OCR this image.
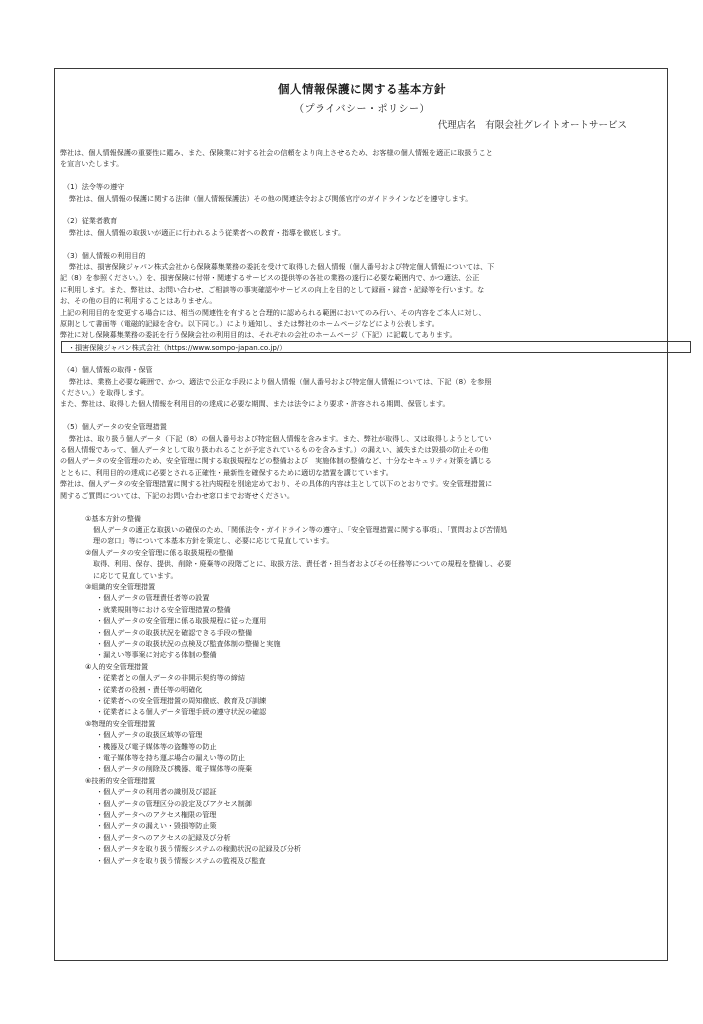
個人情報保護に関する基本方針
（プライバシー・ポリシー）
代理店名　有限会社グレイトオートサービス

弊社は、個人情報保護の重要性に鑑み、また、保険業に対する社会の信頼をより向上させるため、お客様の個人情報を適正に取扱うこと

を宣言いたします。

（1）法令等の遵守

弊社は、個人情報の保護に関する法律（個人情報保護法）その他の関連法令および関係官庁のガイドラインなどを遵守します。

（2）従業者教育

弊社は、個人情報の取扱いが適正に行われるよう従業者への教育・指導を徹底します。

（3）個人情報の利用目的

弊社は、損害保険ジャパン株式会社から保険募集業務の委託を受けて取得した個人情報（個人番号および特定個人情報については、下

記（8）を参照ください。）を、損害保険に付帯・関連するサービスの提供等の各社の業務の遂行に必要な範囲内で、かつ適法、公正

に利用します。また、弊社は、お問い合わせ、ご相談等の事実確認やサービスの向上を目的として録画・録音・記録等を行います。な

お、その他の目的に利用することはありません。

上記の利用目的を変更する場合には、相当の関連性を有すると合理的に認められる範囲においてのみ行い、その内容をご本人に対し、

原則として書面等（電磁的記録を含む。以下同じ。）により通知し、または弊社のホームページなどにより公表します。

弊社に対し保険募集業務の委託を行う保険会社の利用目的は、それぞれの会社のホームページ（下記）に記載してあります。

・損害保険ジャパン株式会社（https://www.sompo-japan.co.jp/）

（4）個人情報の取得・保管

弊社は、業務上必要な範囲で、かつ、適法で公正な手段により個人情報（個人番号および特定個人情報については、下記（8）を参照

ください。）を取得します。

また、弊社は、取得した個人情報を利用目的の達成に必要な期間、または法令により要求・許容される期間、保管します。

（5）個人データの安全管理措置

弊社は、取り扱う個人データ（下記（8）の個人番号および特定個人情報を含みます。また、弊社が取得し、又は取得しようとしてい

る個人情報であって、個人データとして取り扱われることが予定されているものを含みます。）の漏えい、滅失または毀損の防止その他

の個人データの安全管理のため、安全管理に関する取扱規程などの整備および　実施体制の整備など、十分なセキュリティ対策を講じる

とともに、利用目的の達成に必要とされる正確性・最新性を確保するために適切な措置を講じています。

弊社は、個人データの安全管理措置に関する社内規程を別途定めており、その具体的内容は主として以下のとおりです。安全管理措置に

関するご質問については、下記のお問い合わせ窓口までお寄せください。

①基本方針の整備

個人データの適正な取扱いの確保のため、「関係法令・ガイドライン等の遵守」、「安全管理措置に関する事項」、「質問および苦情処

理の窓口」等について本基本方針を策定し、必要に応じて見直しています。

②個人データの安全管理に係る取扱規程の整備

取得、利用、保存、提供、削除・廃棄等の段階ごとに、取扱方法、責任者・担当者およびその任務等についての規程を整備し、必要

に応じて見直しています。

③組織的安全管理措置

・個人データの管理責任者等の設置

・就業規則等における安全管理措置の整備

・個人データの安全管理に係る取扱規程に従った運用

・個人データの取扱状況を確認できる手段の整備

・個人データの取扱状況の点検及び監査体制の整備と実施

・漏えい等事案に対応する体制の整備

④人的安全管理措置

・従業者との個人データの非開示契約等の締結

・従業者の役割・責任等の明確化

・従業者への安全管理措置の周知徹底、教育及び訓練

・従業者による個人データ管理手続の遵守状況の確認

⑤物理的安全管理措置

・個人データの取扱区域等の管理

・機器及び電子媒体等の盗難等の防止

・電子媒体等を持ち運ぶ場合の漏えい等の防止

・個人データの削除及び機器、電子媒体等の廃棄

⑥技術的安全管理措置

・個人データの利用者の識別及び認証

・個人データの管理区分の設定及びアクセス制御

・個人データへのアクセス権限の管理

・個人データの漏えい・毀損等防止策

・個人データへのアクセスの記録及び分析

・個人データを取り扱う情報システムの稼動状況の記録及び分析

・個人データを取り扱う情報システムの監視及び監査
